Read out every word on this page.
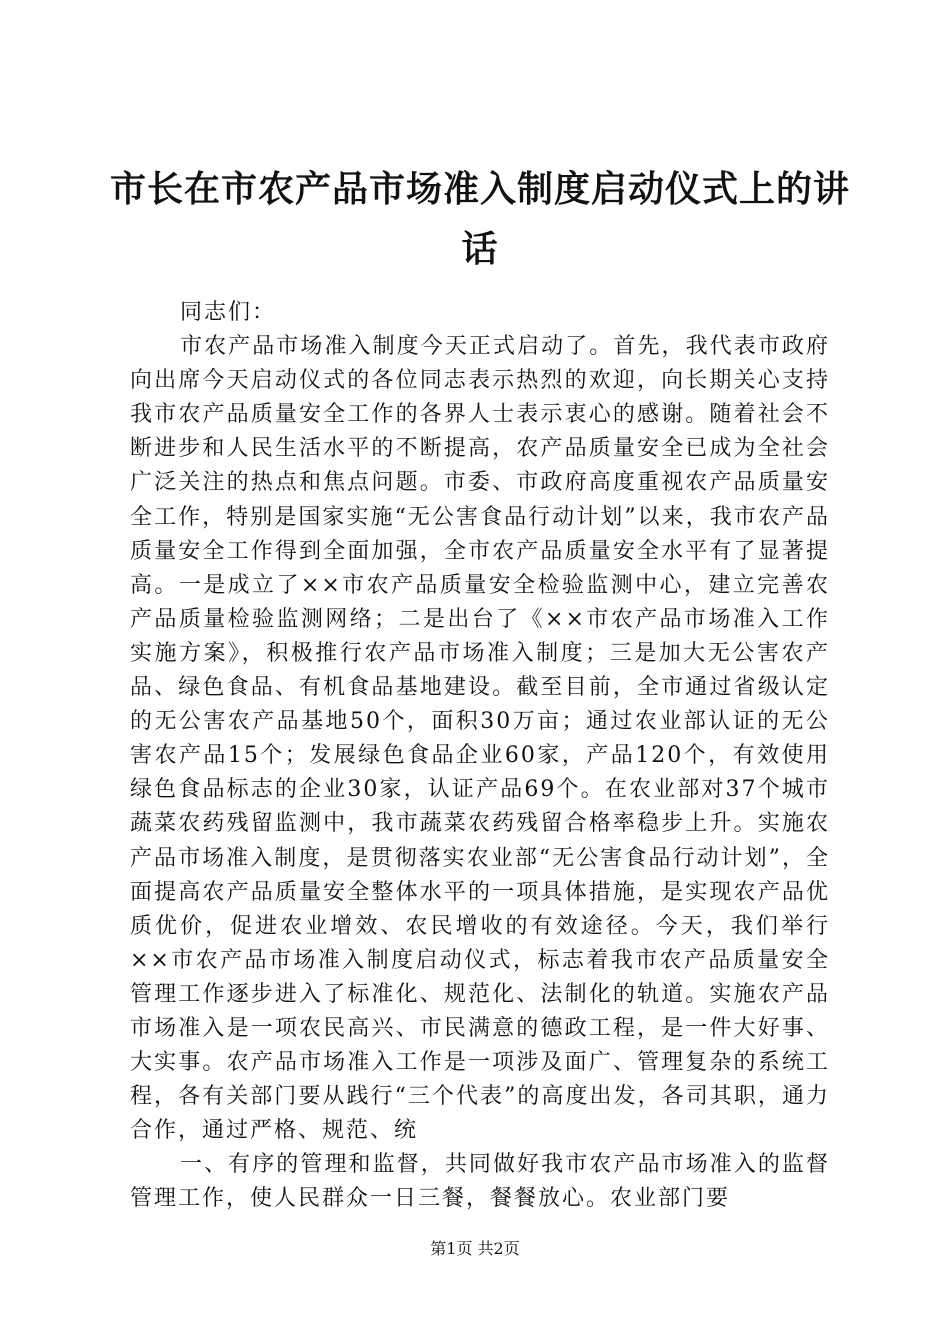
市长在市农产品市场准入制度启动仪式上的讲话

同志们：

市农产品市场准入制度今天正式启动了。首先，我代表市政府向出席今天启动仪式的各位同志表示热烈的欢迎，向长期关心支持我市农产品质量安全工作的各界人士表示衷心的感谢。随着社会不断进步和人民生活水平的不断提高，农产品质量安全已成为全社会广泛关注的热点和焦点问题。市委、市政府高度重视农产品质量安全工作，特别是国家实施“无公害食品行动计划”以来，我市农产品质量安全工作得到全面加强，全市农产品质量安全水平有了显著提高。一是成立了××市农产品质量安全检验监测中心，建立完善农产品质量检验监测网络；二是出台了《××市农产品市场准入工作实施方案》，积极推行农产品市场准入制度；三是加大无公害农产品、绿色食品、有机食品基地建设。截至目前，全市通过省级认定的无公害农产品基地50个，面积30万亩；通过农业部认证的无公害农产品15个；发展绿色食品企业60家，产品120个，有效使用绿色食品标志的企业30家，认证产品69个。在农业部对37个城市蔬菜农药残留监测中，我市蔬菜农药残留合格率稳步上升。实施农产品市场准入制度，是贯彻落实农业部“无公害食品行动计划”，全面提高农产品质量安全整体水平的一项具体措施，是实现农产品优质优价，促进农业增效、农民增收的有效途径。今天，我们举行××市农产品市场准入制度启动仪式，标志着我市农产品质量安全管理工作逐步进入了标准化、规范化、法制化的轨道。实施农产品市场准入是一项农民高兴、市民满意的德政工程，是一件大好事、大实事。农产品市场准入工作是一项涉及面广、管理复杂的系统工程，各有关部门要从践行“三个代表”的高度出发，各司其职，通力合作，通过严格、规范、统

一、有序的管理和监督，共同做好我市农产品市场准入的监督管理工作，使人民群众一日三餐，餐餐放心。农业部门要

第1页 共2页
